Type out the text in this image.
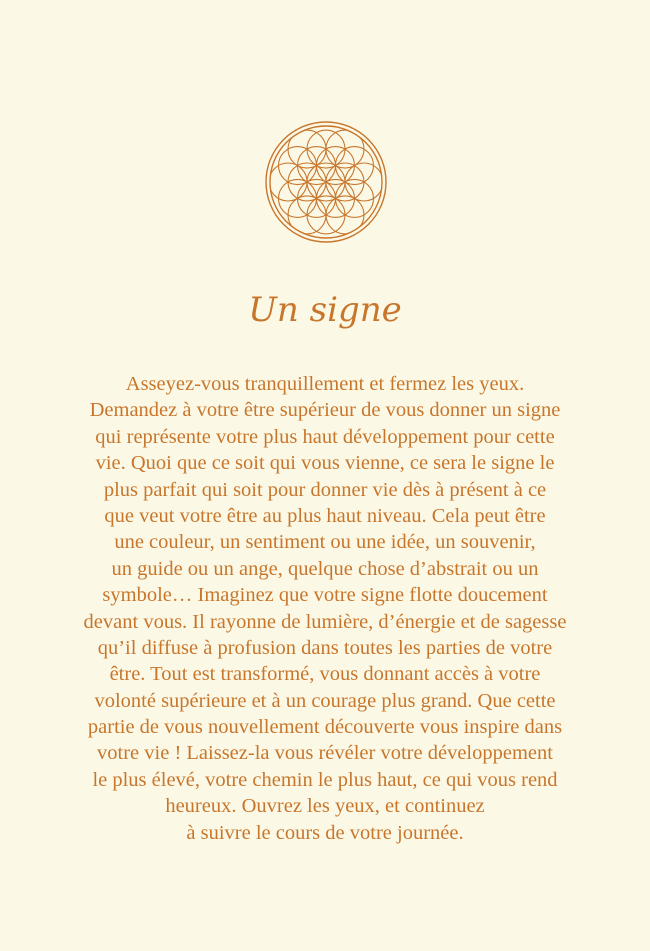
Un signe
Asseyez-vous tranquillement et fermez les yeux.
Demandez à votre être supérieur de vous donner un signe
qui représente votre plus haut développement pour cette
vie. Quoi que ce soit qui vous vienne, ce sera le signe le
plus parfait qui soit pour donner vie dès à présent à ce
que veut votre être au plus haut niveau. Cela peut être
une couleur, un sentiment ou une idée, un souvenir,
un guide ou un ange, quelque chose d’abstrait ou un
symbole… Imaginez que votre signe flotte doucement
devant vous. Il rayonne de lumière, d’énergie et de sagesse
qu’il diffuse à profusion dans toutes les parties de votre
être. Tout est transformé, vous donnant accès à votre
volonté supérieure et à un courage plus grand. Que cette
partie de vous nouvellement découverte vous inspire dans
votre vie ! Laissez-la vous révéler votre développement
le plus élevé, votre chemin le plus haut, ce qui vous rend
heureux. Ouvrez les yeux, et continuez
à suivre le cours de votre journée.
